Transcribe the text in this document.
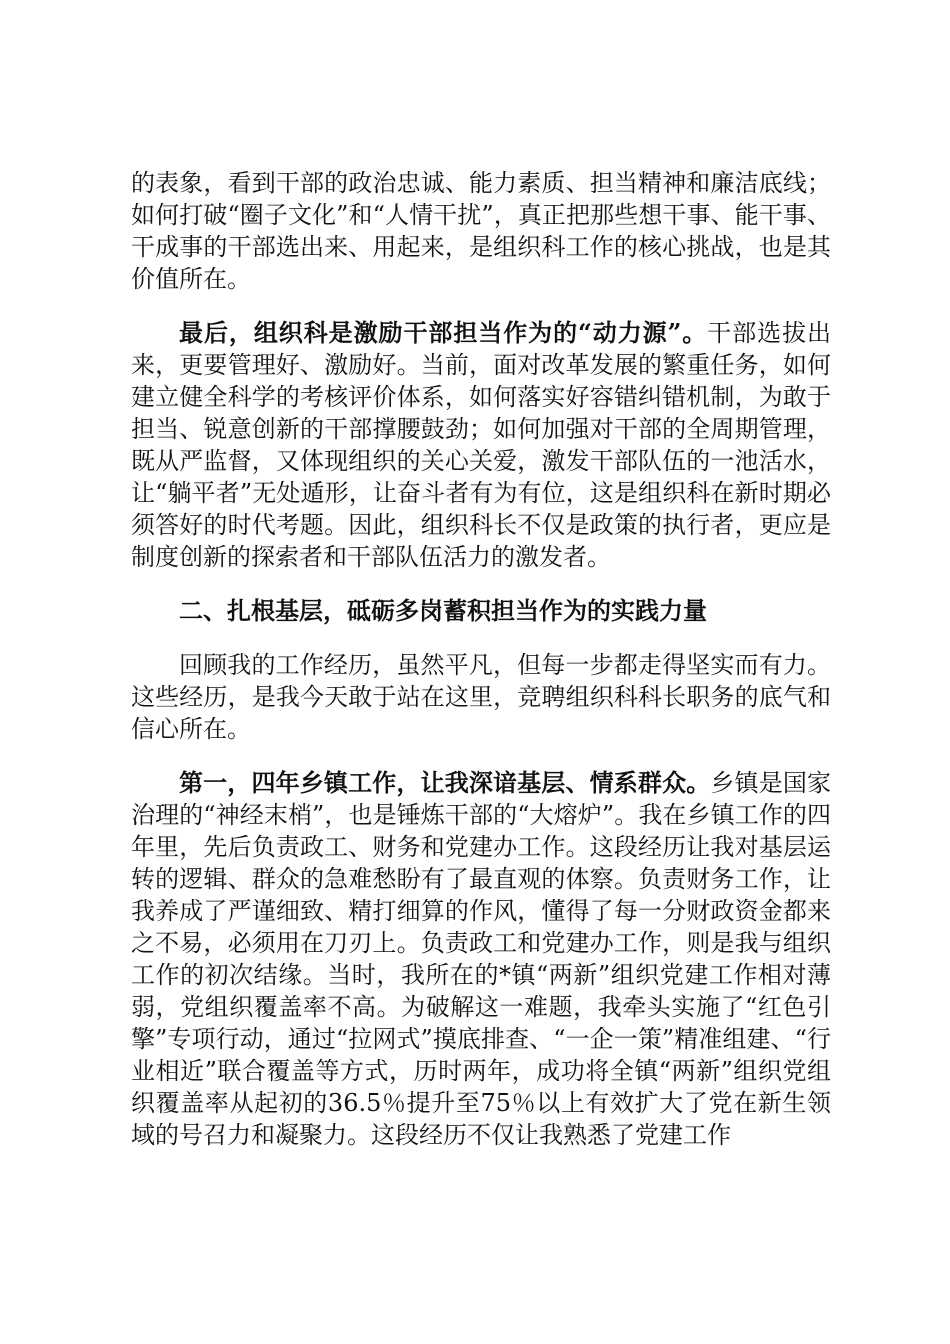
的表象，看到干部的政治忠诚、能力素质、担当精神和廉洁底线；如何打破“圈子文化”和“人情干扰”，真正把那些想干事、能干事、干成事的干部选出来、用起来，是组织科工作的核心挑战，也是其价值所在。

最后，组织科是激励干部担当作为的“动力源”。干部选拔出来，更要管理好、激励好。当前，面对改革发展的繁重任务，如何建立健全科学的考核评价体系，如何落实好容错纠错机制，为敢于担当、锐意创新的干部撑腰鼓劲；如何加强对干部的全周期管理，既从严监督，又体现组织的关心关爱，激发干部队伍的一池活水，让“躺平者”无处遁形，让奋斗者有为有位，这是组织科在新时期必须答好的时代考题。因此，组织科长不仅是政策的执行者，更应是制度创新的探索者和干部队伍活力的激发者。

二、扎根基层，砥砺多岗蓄积担当作为的实践力量

回顾我的工作经历，虽然平凡，但每一步都走得坚实而有力。这些经历，是我今天敢于站在这里，竞聘组织科科长职务的底气和信心所在。

第一，四年乡镇工作，让我深谙基层、情系群众。乡镇是国家治理的“神经末梢”，也是锤炼干部的“大熔炉”。我在乡镇工作的四年里，先后负责政工、财务和党建办工作。这段经历让我对基层运转的逻辑、群众的急难愁盼有了最直观的体察。负责财务工作，让我养成了严谨细致、精打细算的作风，懂得了每一分财政资金都来之不易，必须用在刀刃上。负责政工和党建办工作，则是我与组织工作的初次结缘。当时，我所在的*镇“两新”组织党建工作相对薄弱，党组织覆盖率不高。为破解这一难题，我牵头实施了“红色引擎”专项行动，通过“拉网式”摸底排查、“一企一策”精准组建、“行业相近”联合覆盖等方式，历时两年，成功将全镇“两新”组织党组织覆盖率从起初的36.5％提升至75％以上有效扩大了党在新生领域的号召力和凝聚力。这段经历不仅让我熟悉了党建工作
